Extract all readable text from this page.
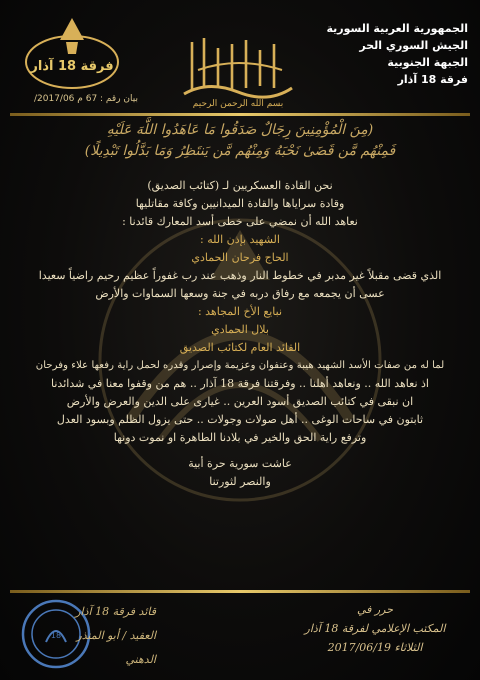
الجمهورية العربية السورية
الجيش السوري الحر
الجبهة الجنوبية
فرقة 18 آذار
بسم الله الرحمن الرحيم
فرقة 18 آذار
بيان رقم : 67 م 2017/06/
(مِنَ الْمُؤْمِنِينَ رِجَالٌ صَدَقُوا مَا عَاهَدُوا اللَّهَ عَلَيْهِ
فَمِنْهُم مَّن قَضَىٰ نَحْبَهُ وَمِنْهُم مَّن يَنتَظِرُ وَمَا بَدَّلُوا تَبْدِيلًا)
نحن القادة العسكريين لـ (كتائب الصديق)
وقادة سراياها والقادة الميدانيين وكافة مقاتليها
نعاهد الله أن نمضي على خطى أسد المعارك قائدنا :
الشهيد بإذن الله :
الحاج فرحان الحمادي
الذي قضى مقبلاً غير مدبر في خطوط النار وذهب عند رب غفوراً عظيم رحيم راضياً سعيدا
عسى أن يجمعه مع رفاق دربه في جنة وسعها السماوات والأرض
نبايع الأخ المجاهد :
بلال الحمادي
القائد العام لكتائب الصديق
لما له من صفات الأسد الشهيد هيبة وعنفوان وعزيمة وإصرار وقدره لحمل راية رفعها علاء وفرحان
اذ نعاهد الله .. ونعاهد أهلنا .. وفرقتنا فرقة 18 آذار .. هم من وقفوا معنا في شدائدنا
ان نبقى في كتائب الصديق أسود العرين .. غيارى على الدين والعرض والأرض
ثابتون في ساحات الوغى .. أهل صولات وجولات .. حتى يزول الظلم وبسود العدل
وترفع راية الحق والخير في بلادنا الطاهرة او نموت دونها
عاشت سورية حرة أبية
والنصر لثورتنا
18
قائد فرقة 18 آذار
العقيد / أبو المنذر الدهني
حرر في
المكتب الإعلامي لفرقة 18 آذار
الثلاثاء 2017/06/19
